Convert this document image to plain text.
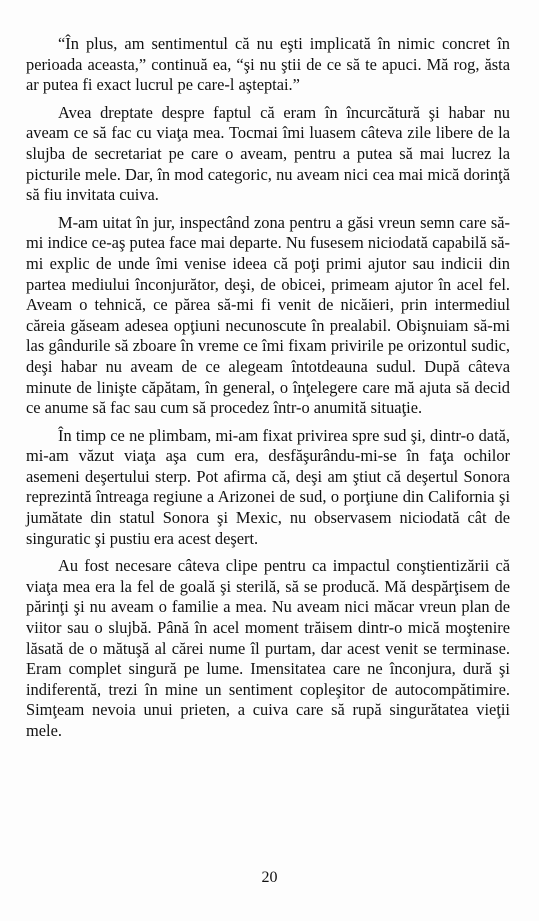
“În plus, am sentimentul că nu eşti implicată în nimic concret în perioada aceasta,” continuă ea, “şi nu ştii de ce să te apuci. Mă rog, ăsta ar putea fi exact lucrul pe care-l aşteptai.”

Avea dreptate despre faptul că eram în încurcătură şi habar nu aveam ce să fac cu viaţa mea. Tocmai îmi luasem câteva zile libere de la slujba de secretariat pe care o aveam, pentru a putea să mai lucrez la picturile mele. Dar, în mod categoric, nu aveam nici cea mai mică dorinţă să fiu invitata cuiva.

M-am uitat în jur, inspectând zona pentru a găsi vreun semn care să-mi indice ce-aş putea face mai departe. Nu fusesem niciodată capabilă să-mi explic de unde îmi venise ideea că poţi primi ajutor sau indicii din partea mediului înconjurător, deşi, de obicei, primeam ajutor în acel fel. Aveam o tehnică, ce părea să-mi fi venit de nicăieri, prin intermediul căreia găseam adesea opţiuni necunoscute în prealabil. Obişnuiam să-mi las gândurile să zboare în vreme ce îmi fixam privirile pe orizontul sudic, deşi habar nu aveam de ce alegeam întotdeauna sudul. După câteva minute de linişte căpătam, în general, o înţelegere care mă ajuta să decid ce anume să fac sau cum să procedez într-o anumită situaţie.

În timp ce ne plimbam, mi-am fixat privirea spre sud şi, dintr-o dată, mi-am văzut viaţa aşa cum era, desfăşurându-mi-se în faţa ochilor asemeni deşertului sterp. Pot afirma că, deşi am ştiut că deşertul Sonora reprezintă întreaga regiune a Arizonei de sud, o porţiune din California şi jumătate din statul Sonora şi Mexic, nu observasem niciodată cât de singuratic şi pustiu era acest deşert.

Au fost necesare câteva clipe pentru ca impactul conştientizării că viaţa mea era la fel de goală şi sterilă, să se producă. Mă despărţisem de părinţi şi nu aveam o familie a mea. Nu aveam nici măcar vreun plan de viitor sau o slujbă. Până în acel moment trăisem dintr-o mică moştenire lăsată de o mătuşă al cărei nume îl purtam, dar acest venit se terminase. Eram complet singură pe lume. Imensitatea care ne înconjura, dură şi indiferentă, trezi în mine un sentiment copleşitor de autocompătimire. Simţeam nevoia unui prieten, a cuiva care să rupă singurătatea vieţii mele.

20
